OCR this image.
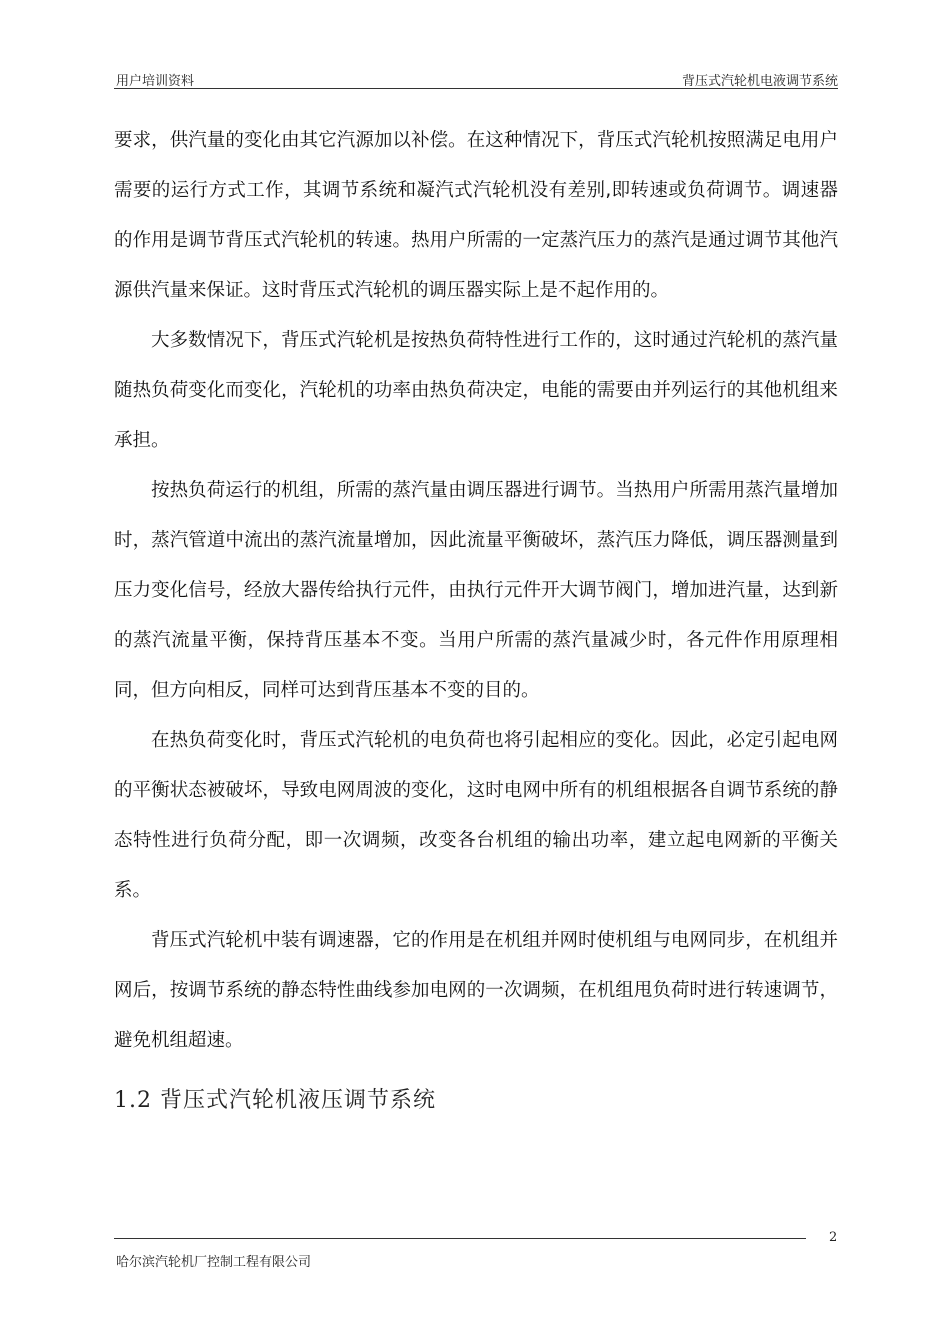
用户培训资料	背压式汽轮机电液调节系统

要求，供汽量的变化由其它汽源加以补偿。在这种情况下，背压式汽轮机按照满足电用户需要的运行方式工作，其调节系统和凝汽式汽轮机没有差别,即转速或负荷调节。调速器的作用是调节背压式汽轮机的转速。热用户所需的一定蒸汽压力的蒸汽是通过调节其他汽源供汽量来保证。这时背压式汽轮机的调压器实际上是不起作用的。

大多数情况下，背压式汽轮机是按热负荷特性进行工作的，这时通过汽轮机的蒸汽量随热负荷变化而变化，汽轮机的功率由热负荷决定，电能的需要由并列运行的其他机组来承担。

按热负荷运行的机组，所需的蒸汽量由调压器进行调节。当热用户所需用蒸汽量增加时，蒸汽管道中流出的蒸汽流量增加，因此流量平衡破坏，蒸汽压力降低，调压器测量到压力变化信号，经放大器传给执行元件，由执行元件开大调节阀门，增加进汽量，达到新的蒸汽流量平衡，保持背压基本不变。当用户所需的蒸汽量减少时，各元件作用原理相同，但方向相反，同样可达到背压基本不变的目的。

在热负荷变化时，背压式汽轮机的电负荷也将引起相应的变化。因此，必定引起电网的平衡状态被破坏，导致电网周波的变化，这时电网中所有的机组根据各自调节系统的静态特性进行负荷分配，即一次调频，改变各台机组的输出功率，建立起电网新的平衡关系。

背压式汽轮机中装有调速器，它的作用是在机组并网时使机组与电网同步，在机组并网后，按调节系统的静态特性曲线参加电网的一次调频，在机组甩负荷时进行转速调节，避免机组超速。

1.2 背压式汽轮机液压调节系统
2
哈尔滨汽轮机厂控制工程有限公司
